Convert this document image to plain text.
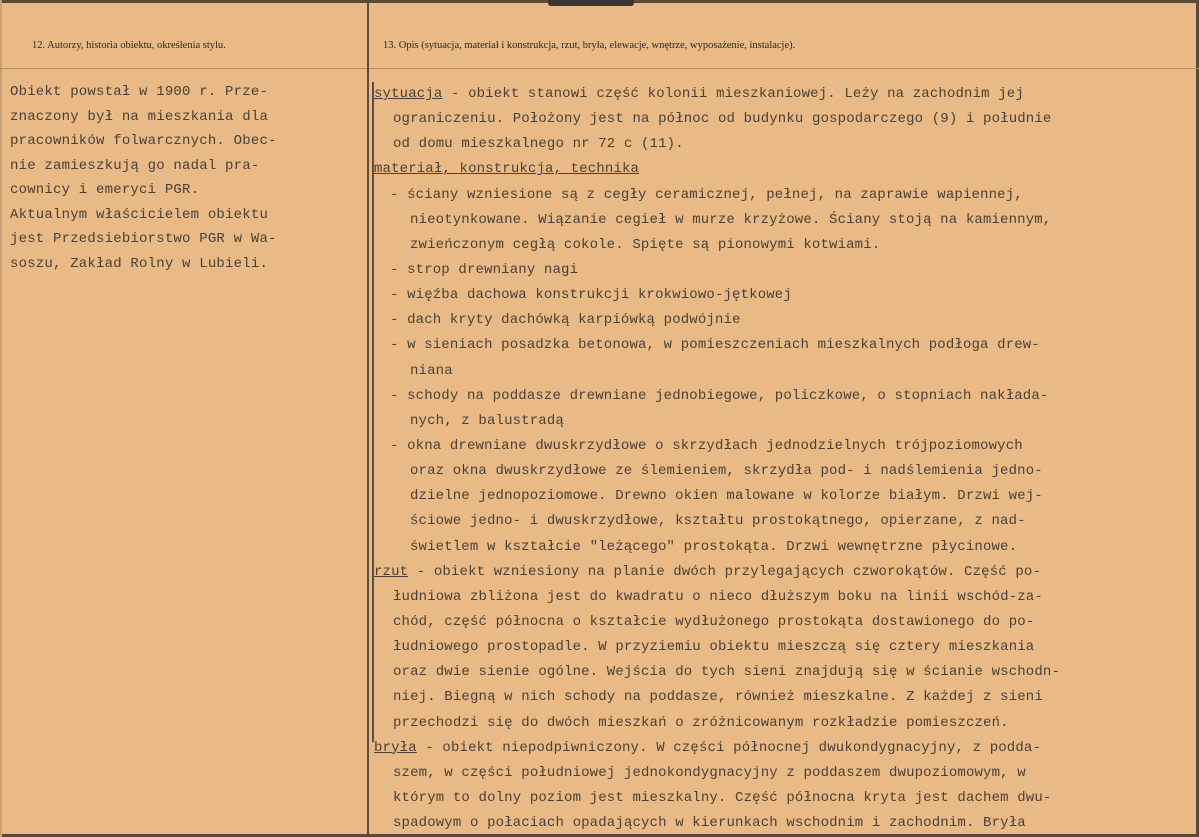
12. Autorzy, historia obiektu, określenia stylu.	13. Opis (sytuacja, materiał i konstrukcja, rzut, bryła, elewacje, wnętrze, wyposażenie, instalacje).
Obiekt powstał w 1900 r. Prze-
znaczony był na mieszkania dla
pracowników folwarcznych. Obec-
nie zamieszkują go nadal pra-
cownicy i emeryci PGR.
Aktualnym właścicielem obiektu
jest Przedsiebiorstwo PGR w Wa-
soszu, Zakład Rolny w Lubieli.
sytuacja - obiekt stanowi część kolonii mieszkaniowej. Leży na zachodnim jej
ograniczeniu. Położony jest na północ od budynku gospodarczego (9) i południe
od domu mieszkalnego nr 72 c (11).
materiał, konstrukcja, technika
- ściany wzniesione są z cegły ceramicznej, pełnej, na zaprawie wapiennej,
nieotynkowane. Wiązanie cegieł w murze krzyżowe. Ściany stoją na kamiennym,
zwieńczonym cegłą cokole. Spięte są pionowymi kotwiami.
- strop drewniany nagi
- więźba dachowa konstrukcji krokwiowo-jętkowej
- dach kryty dachówką karpiówką podwójnie
- w sieniach posadzka betonowa, w pomieszczeniach mieszkalnych podłoga drew-
niana
- schody na poddasze drewniane jednobiegowe, policzkowe, o stopniach nakłada-
nych, z balustradą
- okna drewniane dwuskrzydłowe o skrzydłach jednodzielnych trójpoziomowych
oraz okna dwuskrzydłowe ze ślemieniem, skrzydła pod- i nadślemienia jedno-
dzielne jednopoziomowe. Drewno okien malowane w kolorze białym. Drzwi wej-
ściowe jedno- i dwuskrzydłowe, kształtu prostokątnego, opierzane, z nad-
świetlem w kształcie "leżącego" prostokąta. Drzwi wewnętrzne płycinowe.
rzut - obiekt wzniesiony na planie dwóch przylegających czworokątów. Część po-
łudniowa zbliżona jest do kwadratu o nieco dłuższym boku na linii wschód-za-
chód, część północna o kształcie wydłużonego prostokąta dostawionego do po-
łudniowego prostopadle. W przyziemiu obiektu mieszczą się cztery mieszkania
oraz dwie sienie ogólne. Wejścia do tych sieni znajdują się w ścianie wschodn-
niej. Biegną w nich schody na poddasze, również mieszkalne. Z każdej z sieni
przechodzi się do dwóch mieszkań o zróżnicowanym rozkładzie pomieszczeń.
bryła - obiekt niepodpiwniczony. W części północnej dwukondygnacyjny, z podda-
szem, w części południowej jednokondygnacyjny z poddaszem dwupoziomowym, w
którym to dolny poziom jest mieszkalny. Część północna kryta jest dachem dwu-
spadowym o połaciach opadających w kierunkach wschodnim i zachodnim. Bryła
